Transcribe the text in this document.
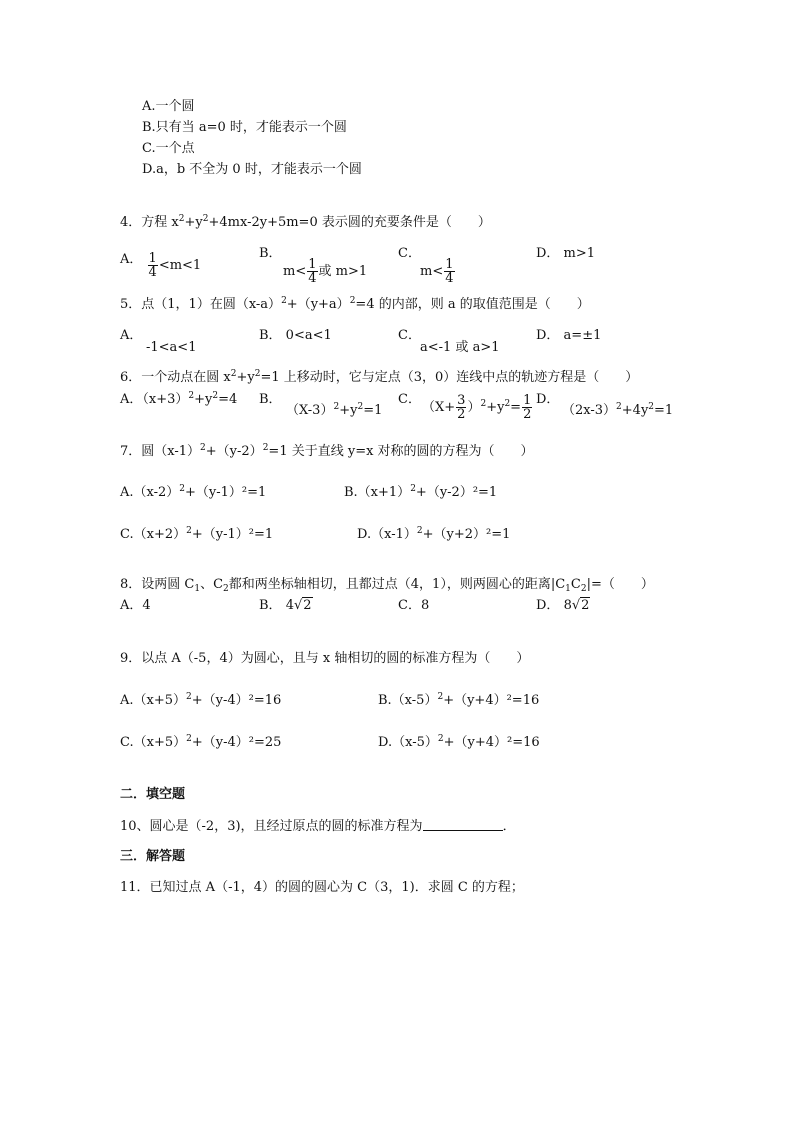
A.一个圆
B.只有当 a=0 时，才能表示一个圆
C.一个点
D.a，b 不全为 0 时，才能表示一个圆
4．方程 $x^2+y^2+4mx-2y+5m=0$ 表示圆的充要条件是（　　）
A． $\frac{1}{4} <m<1$
B．
$m< \frac{1}{4}$ 或 m>1
C．
$m< \frac{1}{4}$
D． m>1
5．点（1，1）在圆$(x-a)^2+(y+a)^2=4$ 的内部，则 a 的取值范围是（　　）
A．
-1<a<1
B． 0<a<1	C．
a<-1 或 a>1
D． a=±1
6．一个动点在圆 $x^2+y^2=1$ 上移动时，它与定点（3，0）连线中点的轨迹方程是（　　）
A．$(x+3)^2+y^2=4$ B．
$(X-3)^2+y^2=1$
C．
$(X+ \frac{3}{2} )^2+y^2= \frac{1}{2}$ D．
$(2x-3)^2+4y^2=1$
7．圆$(x-1)^2+(y-2)^2=1$ 关于直线 y=x 对称的圆的方程为（　　）
$A.(x-2)^2+(y-1)^2=1$	$B.(x+1)^2+(y-2)^2=1$
$C.(x+2)^2+(y-1)^2=1$	$D.(x-1)^2+(y+2)^2=1$
8．设两圆 $C_1$、$C_2$都和两坐标轴相切，且都过点（4，1），则两圆心的距离$|C_1C_2|=$（　　）
A．4	B． 4√2	C．8	D． 8√2
9．以点 A（-5，4）为圆心，且与 x 轴相切的圆的标准方程为（　　）
$A.(x+5)^2+(y-4)^2=16$	$B.(x-5)^2+(y+4)^2=16$
$C.(x+5)^2+(y-4)^2=25$	$D.(x-5)^2+(y+4)^2=16$
二．填空题
10、圆心是（-2，3)，且经过原点的圆的标准方程为	．
三．解答题
11．已知过点 A（-1，4）的圆的圆心为 C（3，1)．求圆 C 的方程；
